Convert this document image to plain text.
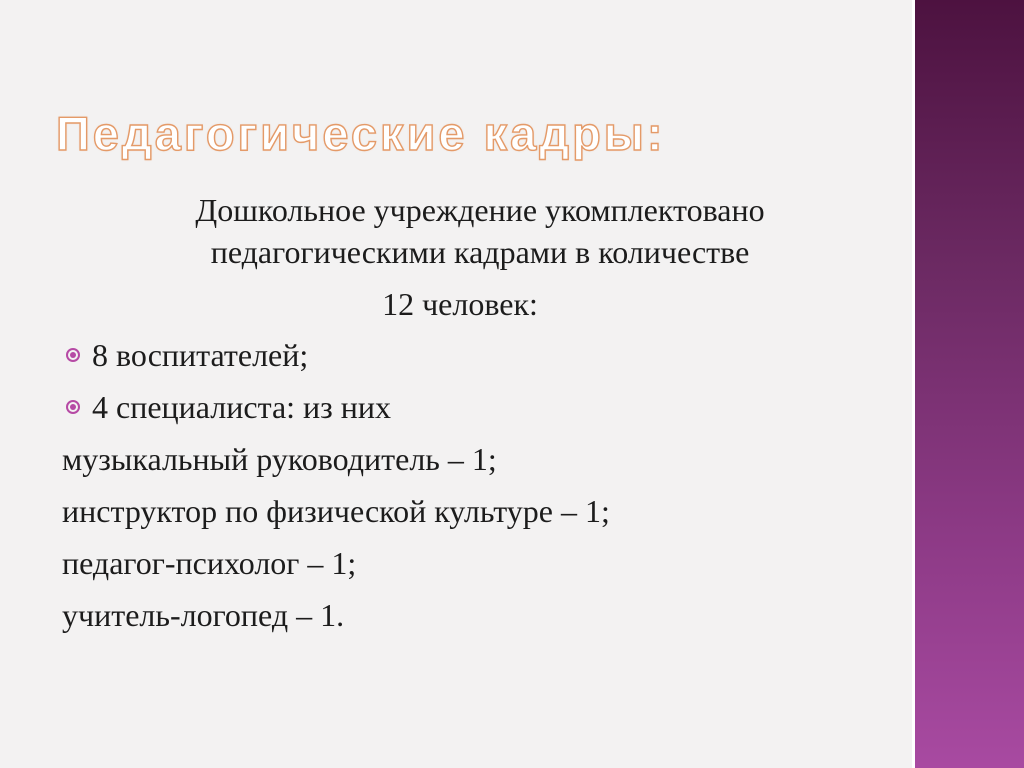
Педагогические кадры:
Дошкольное учреждение укомплектовано
педагогическими кадрами в количестве
12 человек:
8 воспитателей;
4 специалиста: из них
музыкальный руководитель – 1;
инструктор по физической культуре – 1;
педагог-психолог – 1;
учитель-логопед – 1.
